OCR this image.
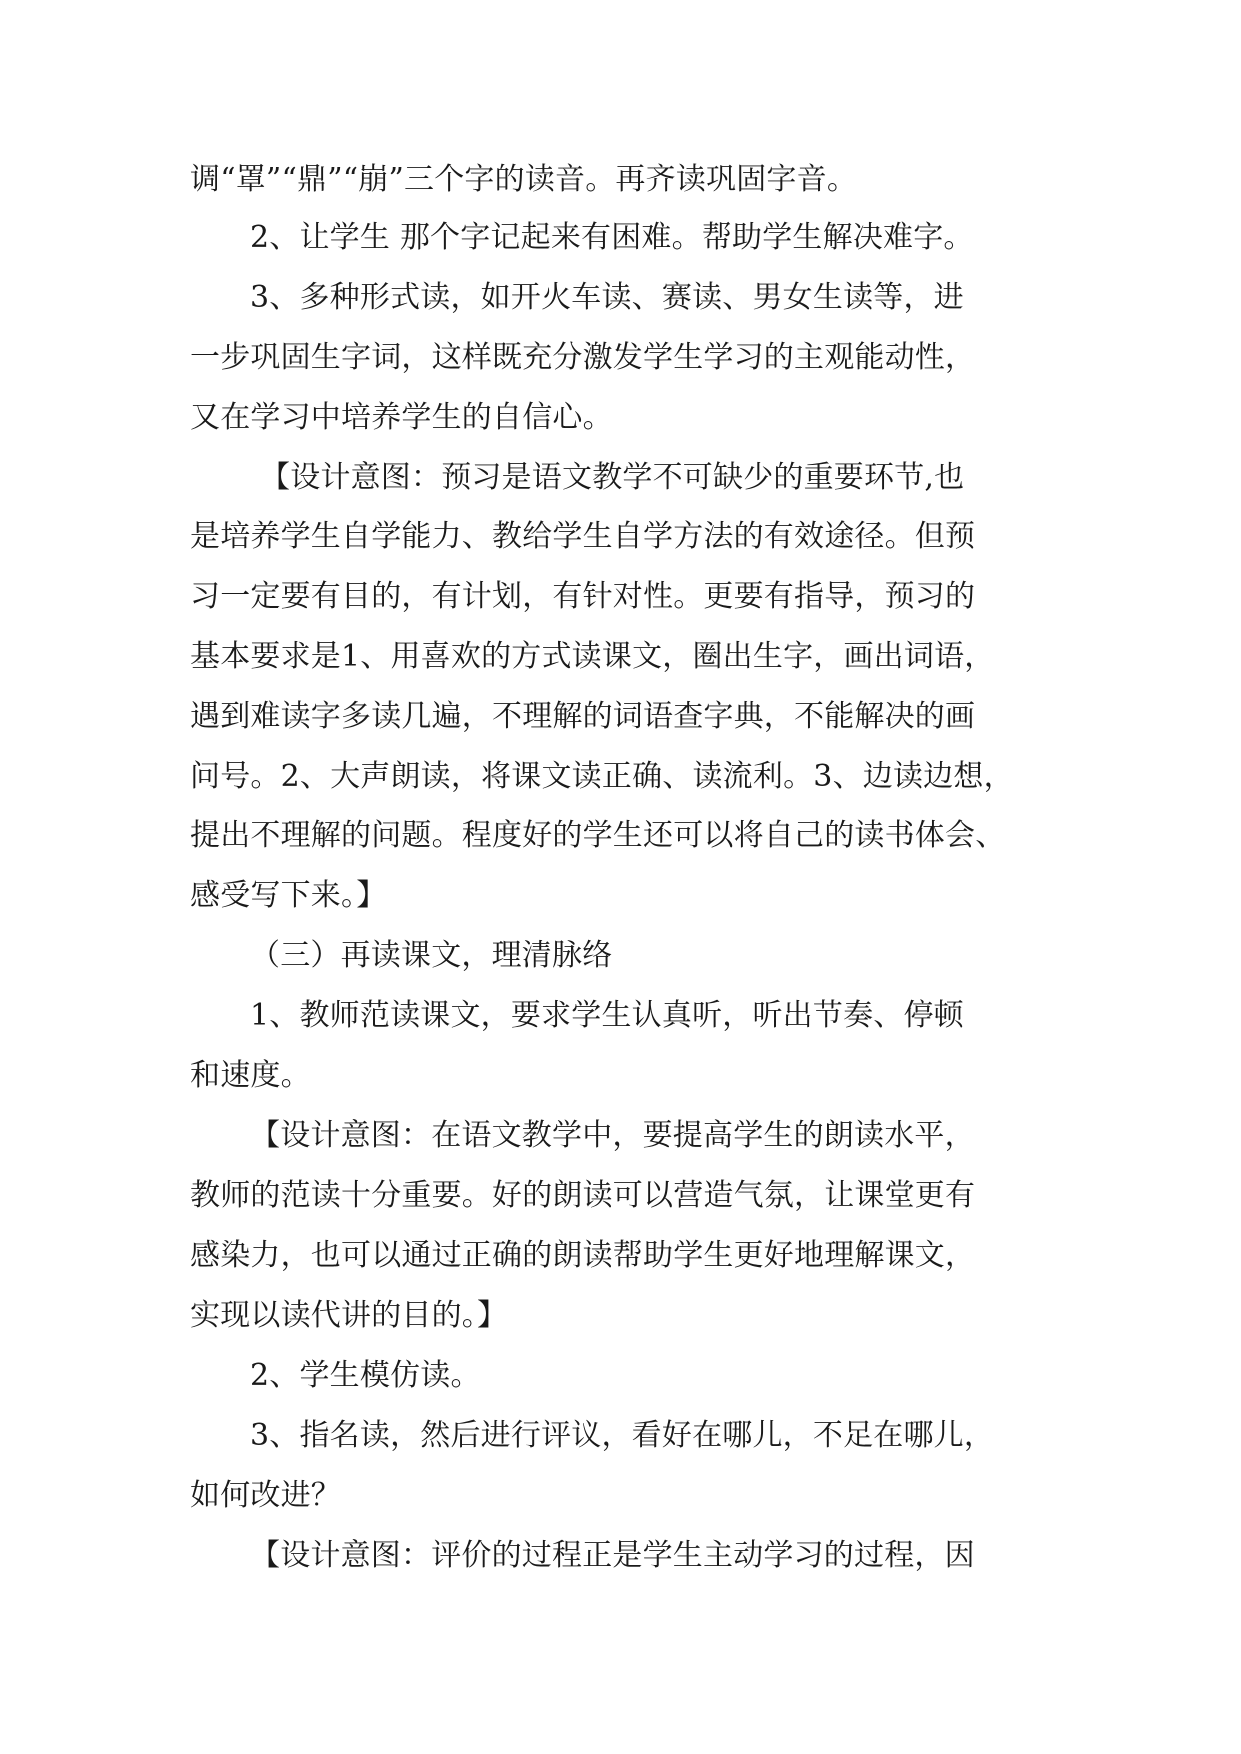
调“罩”“鼎”“崩”三个字的读音。再齐读巩固字音。

2、让学生 那个字记起来有困难。帮助学生解决难字。

3、多种形式读，如开火车读、赛读、男女生读等，进

一步巩固生字词，这样既充分激发学生学习的主观能动性，

又在学习中培养学生的自信心。

【设计意图：预习是语文教学不可缺少的重要环节,也

是培养学生自学能力、教给学生自学方法的有效途径。但预

习一定要有目的，有计划，有针对性。更要有指导，预习的

基本要求是1、用喜欢的方式读课文，圈出生字，画出词语，

遇到难读字多读几遍，不理解的词语查字典，不能解决的画

问号。2、大声朗读，将课文读正确、读流利。3、边读边想，

提出不理解的问题。程度好的学生还可以将自己的读书体会、

感受写下来。】

（三）再读课文，理清脉络

1、教师范读课文，要求学生认真听，听出节奏、停顿

和速度。

【设计意图：在语文教学中，要提高学生的朗读水平，

教师的范读十分重要。好的朗读可以营造气氛，让课堂更有

感染力，也可以通过正确的朗读帮助学生更好地理解课文，

实现以读代讲的目的。】

2、学生模仿读。

3、指名读，然后进行评议，看好在哪儿，不足在哪儿，

如何改进？

【设计意图：评价的过程正是学生主动学习的过程，因
